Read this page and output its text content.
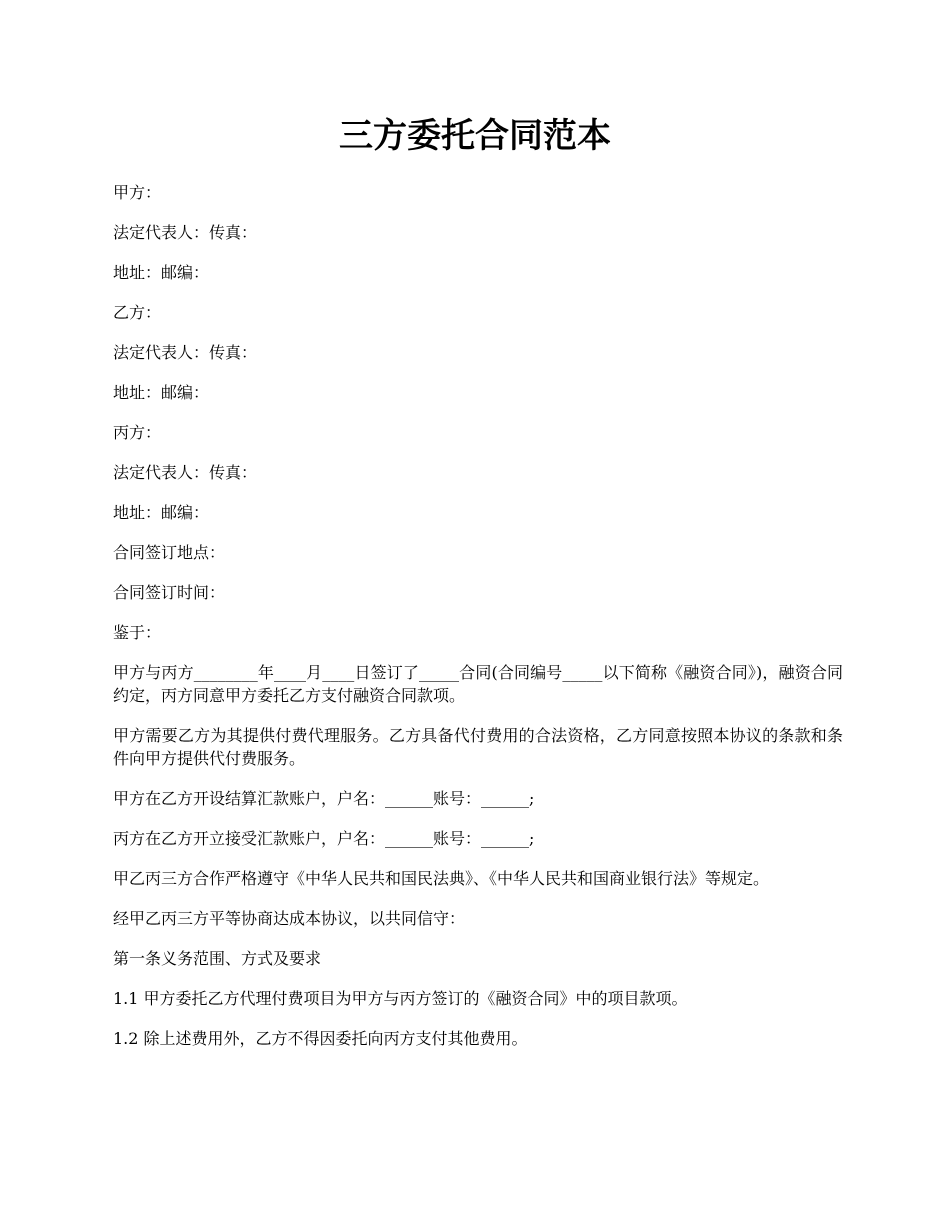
三方委托合同范本

甲方：

法定代表人：传真：

地址：邮编：

乙方：

法定代表人：传真：

地址：邮编：

丙方：

法定代表人：传真：

地址：邮编：

合同签订地点：

合同签订时间：

鉴于：

甲方与丙方________年____月____日签订了_____合同(合同编号_____以下简称《融资合同》)，融资合同约定，丙方同意甲方委托乙方支付融资合同款项。

甲方需要乙方为其提供付费代理服务。乙方具备代付费用的合法资格，乙方同意按照本协议的条款和条件向甲方提供代付费服务。

甲方在乙方开设结算汇款账户，户名：______账号：______;

丙方在乙方开立接受汇款账户，户名：______账号：______;

甲乙丙三方合作严格遵守《中华人民共和国民法典》、《中华人民共和国商业银行法》等规定。

经甲乙丙三方平等协商达成本协议，以共同信守：

第一条义务范围、方式及要求

1.1 甲方委托乙方代理付费项目为甲方与丙方签订的《融资合同》中的项目款项。

1.2 除上述费用外，乙方不得因委托向丙方支付其他费用。
